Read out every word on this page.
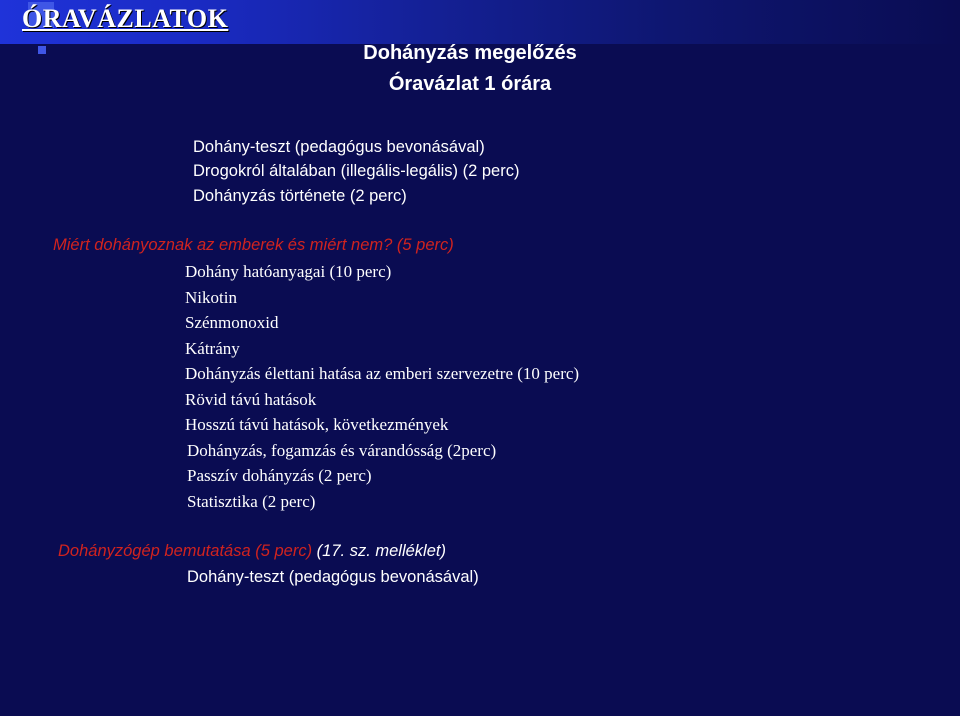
ÓRAVÁZLATOK
Dohányzás megelőzés
Óravázlat 1 órára
Dohány-teszt (pedagógus bevonásával)
Drogokról általában (illegális-legális) (2 perc)
Dohányzás története (2 perc)
Miért dohányoznak az emberek és miért nem? (5 perc)
Dohány hatóanyagai (10 perc)
Nikotin
Szénmonoxid
Kátrány
Dohányzás élettani hatása az emberi szervezetre (10 perc)
Rövid távú hatások
Hosszú távú hatások, következmények
Dohányzás, fogamzás és várandósság (2perc)
Passzív dohányzás (2 perc)
Statisztika (2 perc)
Dohányzógép bemutatása (5 perc) (17. sz. melléklet)
Dohány-teszt (pedagógus bevonásával)
